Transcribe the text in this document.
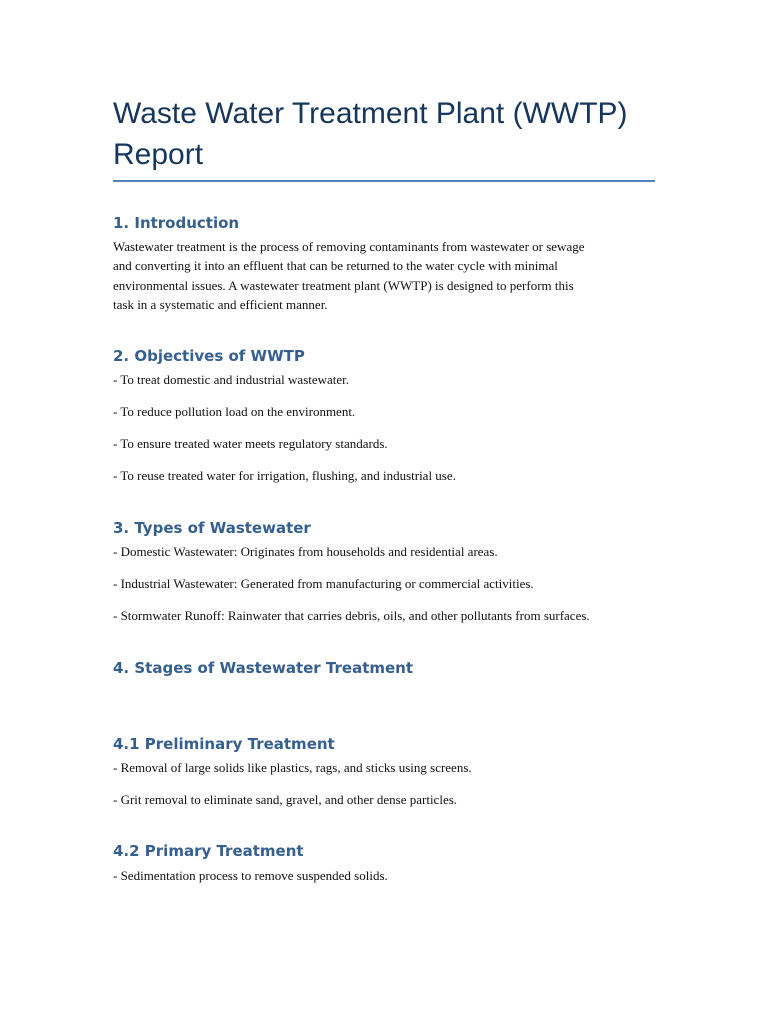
Waste Water Treatment Plant (WWTP)
Report
1. Introduction

Wastewater treatment is the process of removing contaminants from wastewater or sewage

and converting it into an effluent that can be returned to the water cycle with minimal

environmental issues. A wastewater treatment plant (WWTP) is designed to perform this

task in a systematic and efficient manner.

2. Objectives of WWTP

- To treat domestic and industrial wastewater.

- To reduce pollution load on the environment.

- To ensure treated water meets regulatory standards.

- To reuse treated water for irrigation, flushing, and industrial use.

3. Types of Wastewater

- Domestic Wastewater: Originates from households and residential areas.

- Industrial Wastewater: Generated from manufacturing or commercial activities.

- Stormwater Runoff: Rainwater that carries debris, oils, and other pollutants from surfaces.

4. Stages of Wastewater Treatment
4.1 Preliminary Treatment

- Removal of large solids like plastics, rags, and sticks using screens.

- Grit removal to eliminate sand, gravel, and other dense particles.

4.2 Primary Treatment

- Sedimentation process to remove suspended solids.
